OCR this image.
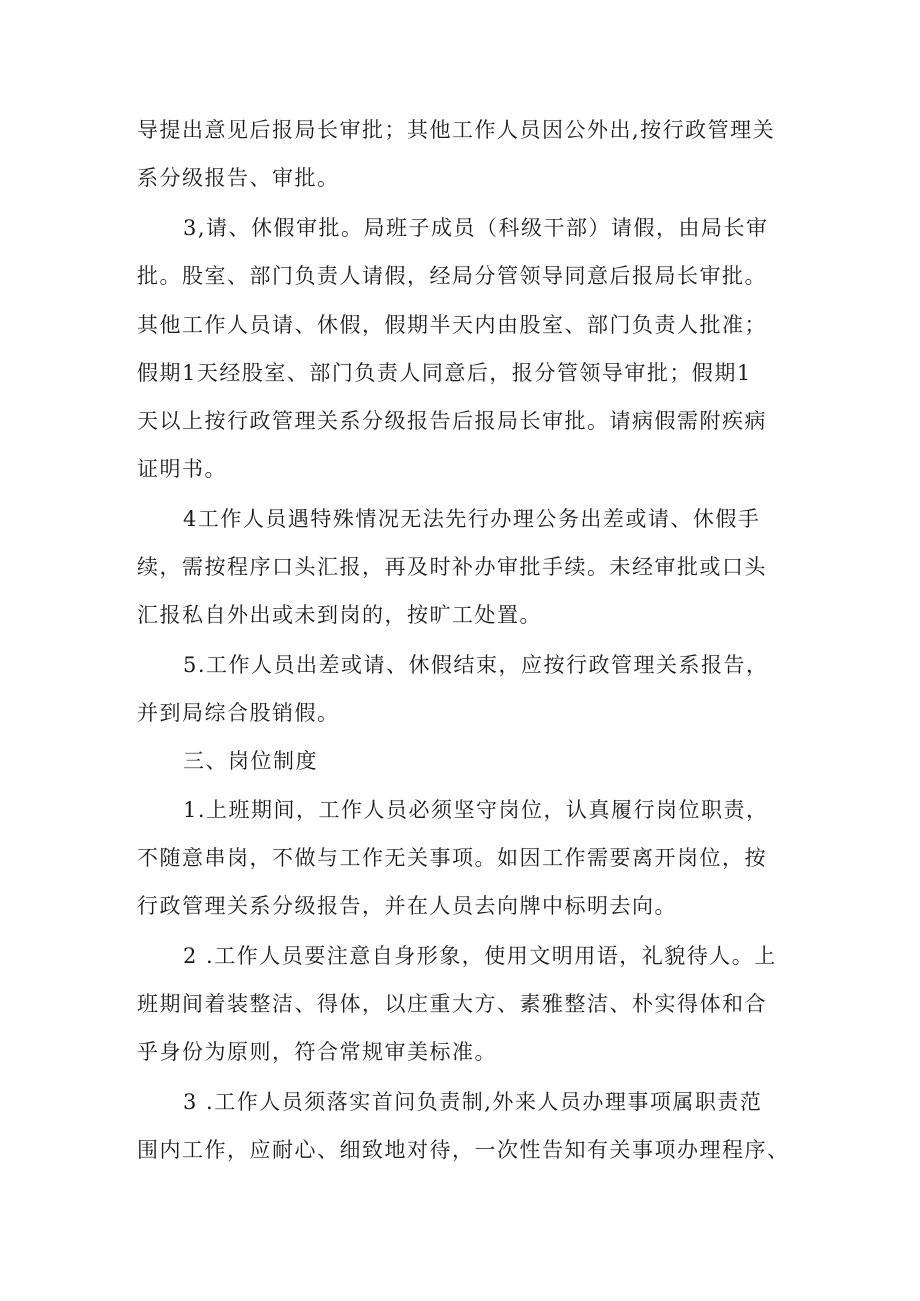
导提出意见后报局长审批；其他工作人员因公外出,按行政管理关
系分级报告、审批。
3,请、休假审批。局班子成员（科级干部）请假，由局长审
批。股室、部门负责人请假，经局分管领导同意后报局长审批。
其他工作人员请、休假，假期半天内由股室、部门负责人批准；
假期1天经股室、部门负责人同意后，报分管领导审批；假期1
天以上按行政管理关系分级报告后报局长审批。请病假需附疾病
证明书。
4工作人员遇特殊情况无法先行办理公务出差或请、休假手
续，需按程序口头汇报，再及时补办审批手续。未经审批或口头
汇报私自外出或未到岗的，按旷工处置。
5.工作人员出差或请、休假结束，应按行政管理关系报告，
并到局综合股销假。
三、岗位制度
1.上班期间，工作人员必须坚守岗位，认真履行岗位职责，
不随意串岗，不做与工作无关事项。如因工作需要离开岗位，按
行政管理关系分级报告，并在人员去向牌中标明去向。
2 .工作人员要注意自身形象，使用文明用语，礼貌待人。上
班期间着装整洁、得体，以庄重大方、素雅整洁、朴实得体和合
乎身份为原则，符合常规审美标准。
3 .工作人员须落实首问负责制,外来人员办理事项属职责范
围内工作，应耐心、细致地对待，一次性告知有关事项办理程序、
